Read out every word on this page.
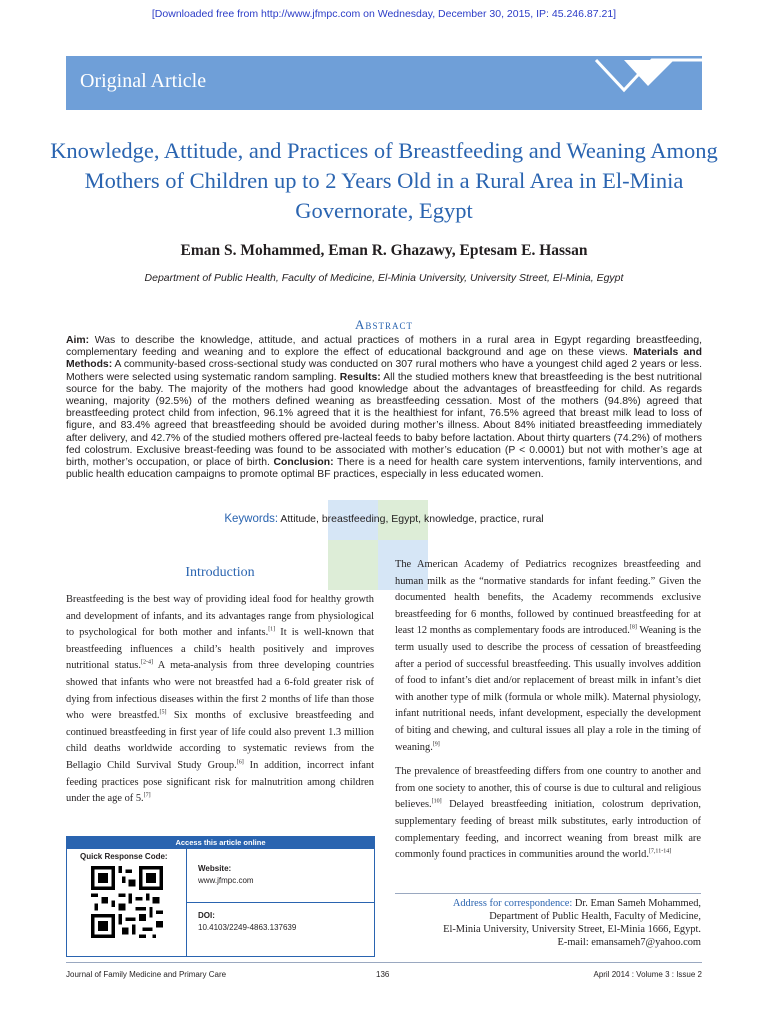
[Downloaded free from http://www.jfmpc.com on Wednesday, December 30, 2015, IP: 45.246.87.21]
Original Article
Knowledge, Attitude, and Practices of Breastfeeding and Weaning Among Mothers of Children up to 2 Years Old in a Rural Area in El-Minia Governorate, Egypt
Eman S. Mohammed, Eman R. Ghazawy, Eptesam E. Hassan
Department of Public Health, Faculty of Medicine, El-Minia University, University Street, El-Minia, Egypt
Abstract
Aim: Was to describe the knowledge, attitude, and actual practices of mothers in a rural area in Egypt regarding breastfeeding, complementary feeding and weaning and to explore the effect of educational background and age on these views. Materials and Methods: A community-based cross-sectional study was conducted on 307 rural mothers who have a youngest child aged 2 years or less. Mothers were selected using systematic random sampling. Results: All the studied mothers knew that breastfeeding is the best nutritional source for the baby. The majority of the mothers had good knowledge about the advantages of breastfeeding for child. As regards weaning, majority (92.5%) of the mothers defined weaning as breastfeeding cessation. Most of the mothers (94.8%) agreed that breastfeeding protect child from infection, 96.1% agreed that it is the healthiest for infant, 76.5% agreed that breast milk lead to loss of figure, and 83.4% agreed that breastfeeding should be avoided during mother’s illness. About 84% initiated breastfeeding immediately after delivery, and 42.7% of the studied mothers offered pre-lacteal feeds to baby before lactation. About thirty quarters (74.2%) of mothers fed colostrum. Exclusive breast-feeding was found to be associated with mother’s education (P < 0.0001) but not with mother’s age at birth, mother’s occupation, or place of birth. Conclusion: There is a need for health care system interventions, family interventions, and public health education campaigns to promote optimal BF practices, especially in less educated women.
Keywords: Attitude, breastfeeding, Egypt, knowledge, practice, rural
Introduction
Breastfeeding is the best way of providing ideal food for healthy growth and development of infants, and its advantages range from physiological to psychological for both mother and infants.[1] It is well-known that breastfeeding influences a child’s health positively and improves nutritional status.[2-4] A meta-analysis from three developing countries showed that infants who were not breastfed had a 6-fold greater risk of dying from infectious diseases within the first 2 months of life than those who were breastfed.[5] Six months of exclusive breastfeeding and continued breastfeeding in first year of life could also prevent 1.3 million child deaths worldwide according to systematic reviews from the Bellagio Child Survival Study Group.[6] In addition, incorrect infant feeding practices pose significant risk for malnutrition among children under the age of 5.[7]
The American Academy of Pediatrics recognizes breastfeeding and human milk as the “normative standards for infant feeding.” Given the documented health benefits, the Academy recommends exclusive breastfeeding for 6 months, followed by continued breastfeeding for at least 12 months as complementary foods are introduced.[8] Weaning is the term usually used to describe the process of cessation of breastfeeding after a period of successful breastfeeding. This usually involves addition of food to infant’s diet and/or replacement of breast milk in infant’s diet with another type of milk (formula or whole milk). Maternal physiology, infant nutritional needs, infant development, especially the development of biting and chewing, and cultural issues all play a role in the timing of weaning.[9]
The prevalence of breastfeeding differs from one country to another and from one society to another, this of course is due to cultural and religious believes.[10] Delayed breastfeeding initiation, colostrum deprivation, supplementary feeding of breast milk substitutes, early introduction of complementary feeding, and incorrect weaning from breast milk are commonly found practices in communities around the world.[7,11-14]
Access this article online
Quick Response Code:
Website:
www.jfmpc.com
DOI:
10.4103/2249-4863.137639
Address for correspondence: Dr. Eman Sameh Mohammed,
Department of Public Health, Faculty of Medicine,
El-Minia University, University Street, El-Minia 1666, Egypt.
E-mail: emansameh7@yahoo.com
Journal of Family Medicine and Primary Care	136	April 2014 : Volume 3 : Issue 2
